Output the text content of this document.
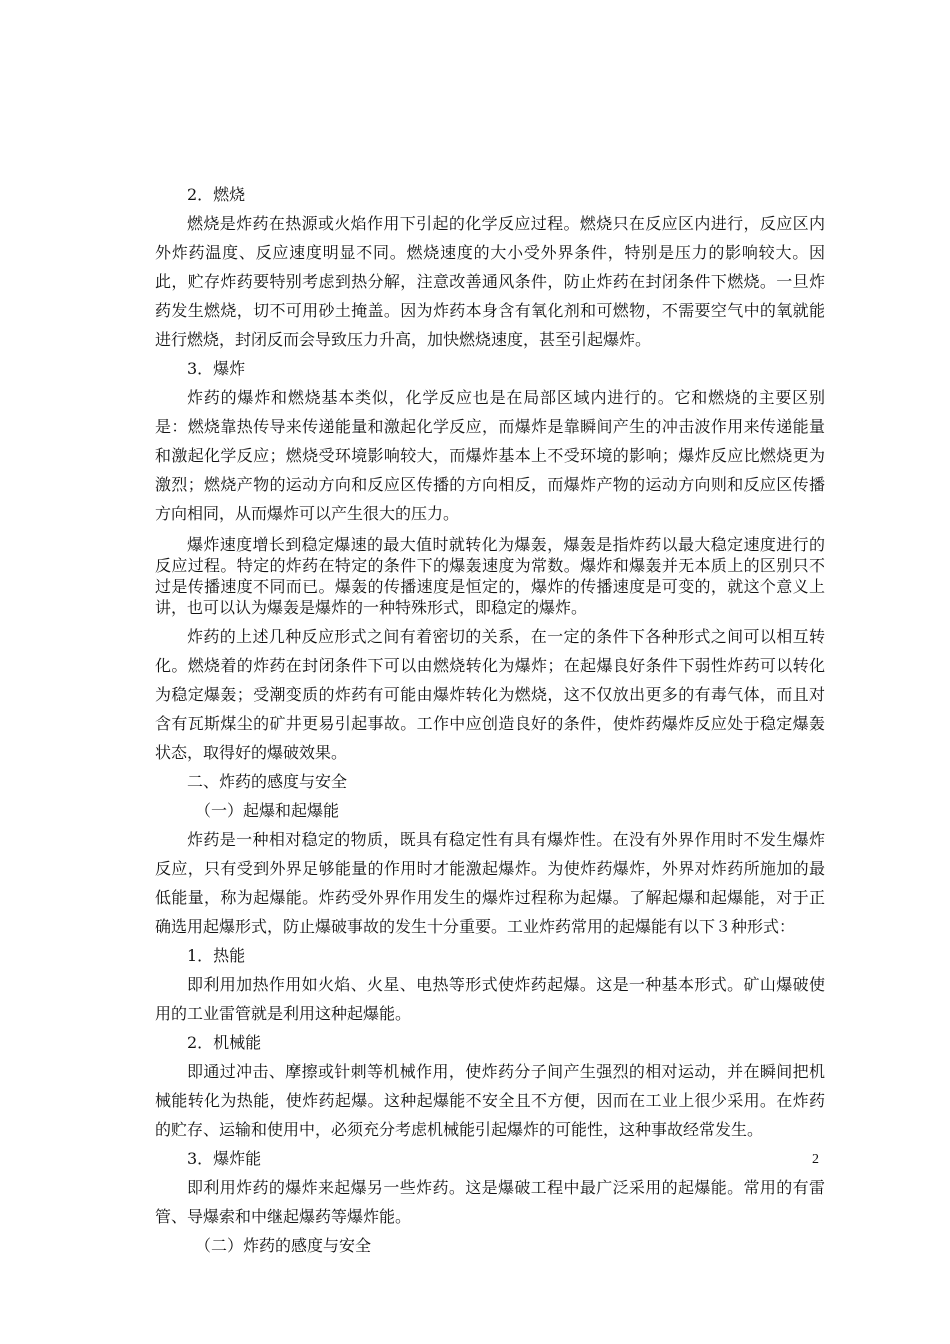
2．燃烧

燃烧是炸药在热源或火焰作用下引起的化学反应过程。燃烧只在反应区内进行，反应区内外炸药温度、反应速度明显不同。燃烧速度的大小受外界条件，特别是压力的影响较大。因此，贮存炸药要特别考虑到热分解，注意改善通风条件，防止炸药在封闭条件下燃烧。一旦炸药发生燃烧，切不可用砂土掩盖。因为炸药本身含有氧化剂和可燃物，不需要空气中的氧就能进行燃烧，封闭反而会导致压力升高，加快燃烧速度，甚至引起爆炸。

3．爆炸

炸药的爆炸和燃烧基本类似，化学反应也是在局部区域内进行的。它和燃烧的主要区别是：燃烧靠热传导来传递能量和激起化学反应，而爆炸是靠瞬间产生的冲击波作用来传递能量和激起化学反应；燃烧受环境影响较大，而爆炸基本上不受环境的影响；爆炸反应比燃烧更为激烈；燃烧产物的运动方向和反应区传播的方向相反，而爆炸产物的运动方向则和反应区传播方向相同，从而爆炸可以产生很大的压力。

爆炸速度增长到稳定爆速的最大值时就转化为爆轰，爆轰是指炸药以最大稳定速度进行的反应过程。特定的炸药在特定的条件下的爆轰速度为常数。爆炸和爆轰并无本质上的区别只不过是传播速度不同而已。爆轰的传播速度是恒定的，爆炸的传播速度是可变的，就这个意义上讲，也可以认为爆轰是爆炸的一种特殊形式，即稳定的爆炸。

炸药的上述几种反应形式之间有着密切的关系，在一定的条件下各种形式之间可以相互转化。燃烧着的炸药在封闭条件下可以由燃烧转化为爆炸；在起爆良好条件下弱性炸药可以转化为稳定爆轰；受潮变质的炸药有可能由爆炸转化为燃烧，这不仅放出更多的有毒气体，而且对含有瓦斯煤尘的矿井更易引起事故。工作中应创造良好的条件，使炸药爆炸反应处于稳定爆轰状态，取得好的爆破效果。

二、炸药的感度与安全

（一）起爆和起爆能

炸药是一种相对稳定的物质，既具有稳定性有具有爆炸性。在没有外界作用时不发生爆炸反应，只有受到外界足够能量的作用时才能激起爆炸。为使炸药爆炸，外界对炸药所施加的最低能量，称为起爆能。炸药受外界作用发生的爆炸过程称为起爆。了解起爆和起爆能，对于正确选用起爆形式，防止爆破事故的发生十分重要。工业炸药常用的起爆能有以下３种形式：

1．热能

即利用加热作用如火焰、火星、电热等形式使炸药起爆。这是一种基本形式。矿山爆破使用的工业雷管就是利用这种起爆能。

2．机械能

即通过冲击、摩擦或针刺等机械作用，使炸药分子间产生强烈的相对运动，并在瞬间把机械能转化为热能，使炸药起爆。这种起爆能不安全且不方便，因而在工业上很少采用。在炸药的贮存、运输和使用中，必须充分考虑机械能引起爆炸的可能性，这种事故经常发生。

3．爆炸能

即利用炸药的爆炸来起爆另一些炸药。这是爆破工程中最广泛采用的起爆能。常用的有雷管、导爆索和中继起爆药等爆炸能。

（二）炸药的感度与安全

2
